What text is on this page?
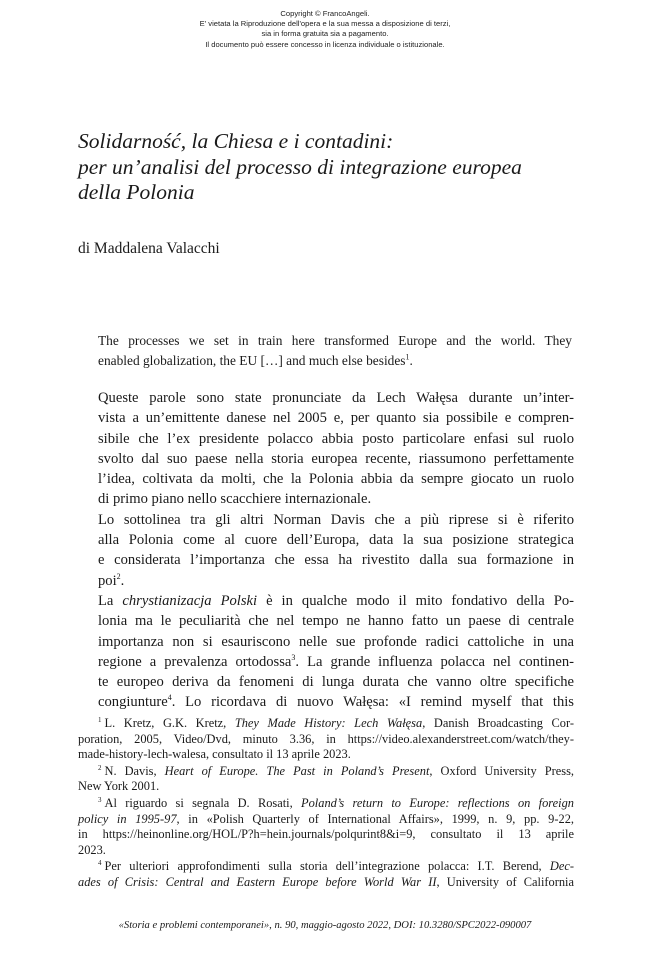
Copyright © FrancoAngeli.
E' vietata la Riproduzione dell'opera e la sua messa a disposizione di terzi,
sia in forma gratuita sia a pagamento.
Il documento può essere concesso in licenza individuale o istituzionale.
Solidarność, la Chiesa e i contadini:
per un’analisi del processo di integrazione europea
della Polonia
di Maddalena Valacchi
The processes we set in train here transformed Europe and the world. They
enabled globalization, the EU […] and much else besides$^1$.

Queste parole sono state pronunciate da Lech Wałęsa durante un’inter-
vista a un’emittente danese nel 2005 e, per quanto sia possibile e compren-
sibile che l’ex presidente polacco abbia posto particolare enfasi sul ruolo
svolto dal suo paese nella storia europea recente, riassumono perfettamente
l’idea, coltivata da molti, che la Polonia abbia da sempre giocato un ruolo
di primo piano nello scacchiere internazionale.

Lo sottolinea tra gli altri Norman Davis che a più riprese si è riferito
alla Polonia come al cuore dell’Europa, data la sua posizione strategica
e considerata l’importanza che essa ha rivestito dalla sua formazione in
poi$^2$.

La chrystianizacja Polski è in qualche modo il mito fondativo della Po-
lonia ma le peculiarità che nel tempo ne hanno fatto un paese di centrale
importanza non si esauriscono nelle sue profonde radici cattoliche in una
regione a prevalenza ortodossa$^3$. La grande influenza polacca nel continen-
te europeo deriva da fenomeni di lunga durata che vanno oltre specifiche
congiunture$^4$. Lo ricordava di nuovo Wałęsa: «I remind myself that this

$^1$ L. Kretz, G.K. Kretz, They Made History: Lech Wałęsa, Danish Broadcasting Cor-
poration, 2005, Video/Dvd, minuto 3.36, in https://video.alexanderstreet.com/watch/they-
made-history-lech-walesa, consultato il 13 aprile 2023.
$^2$ N. Davis, Heart of Europe. The Past in Poland’s Present, Oxford University Press,
New York 2001.
$^3$ Al riguardo si segnala D. Rosati, Poland’s return to Europe: reflections on foreign
policy in 1995-97, in «Polish Quarterly of International Affairs», 1999, n. 9, pp. 9-22,
in https://heinonline.org/HOL/P?h=hein.journals/polqurint8&i=9, consultato il 13 aprile
2023.
$^4$ Per ulteriori approfondimenti sulla storia dell’integrazione polacca: I.T. Berend, Dec-
ades of Crisis: Central and Eastern Europe before World War II, University of California
«Storia e problemi contemporanei», n. 90, maggio-agosto 2022, DOI: 10.3280/SPC2022-090007
